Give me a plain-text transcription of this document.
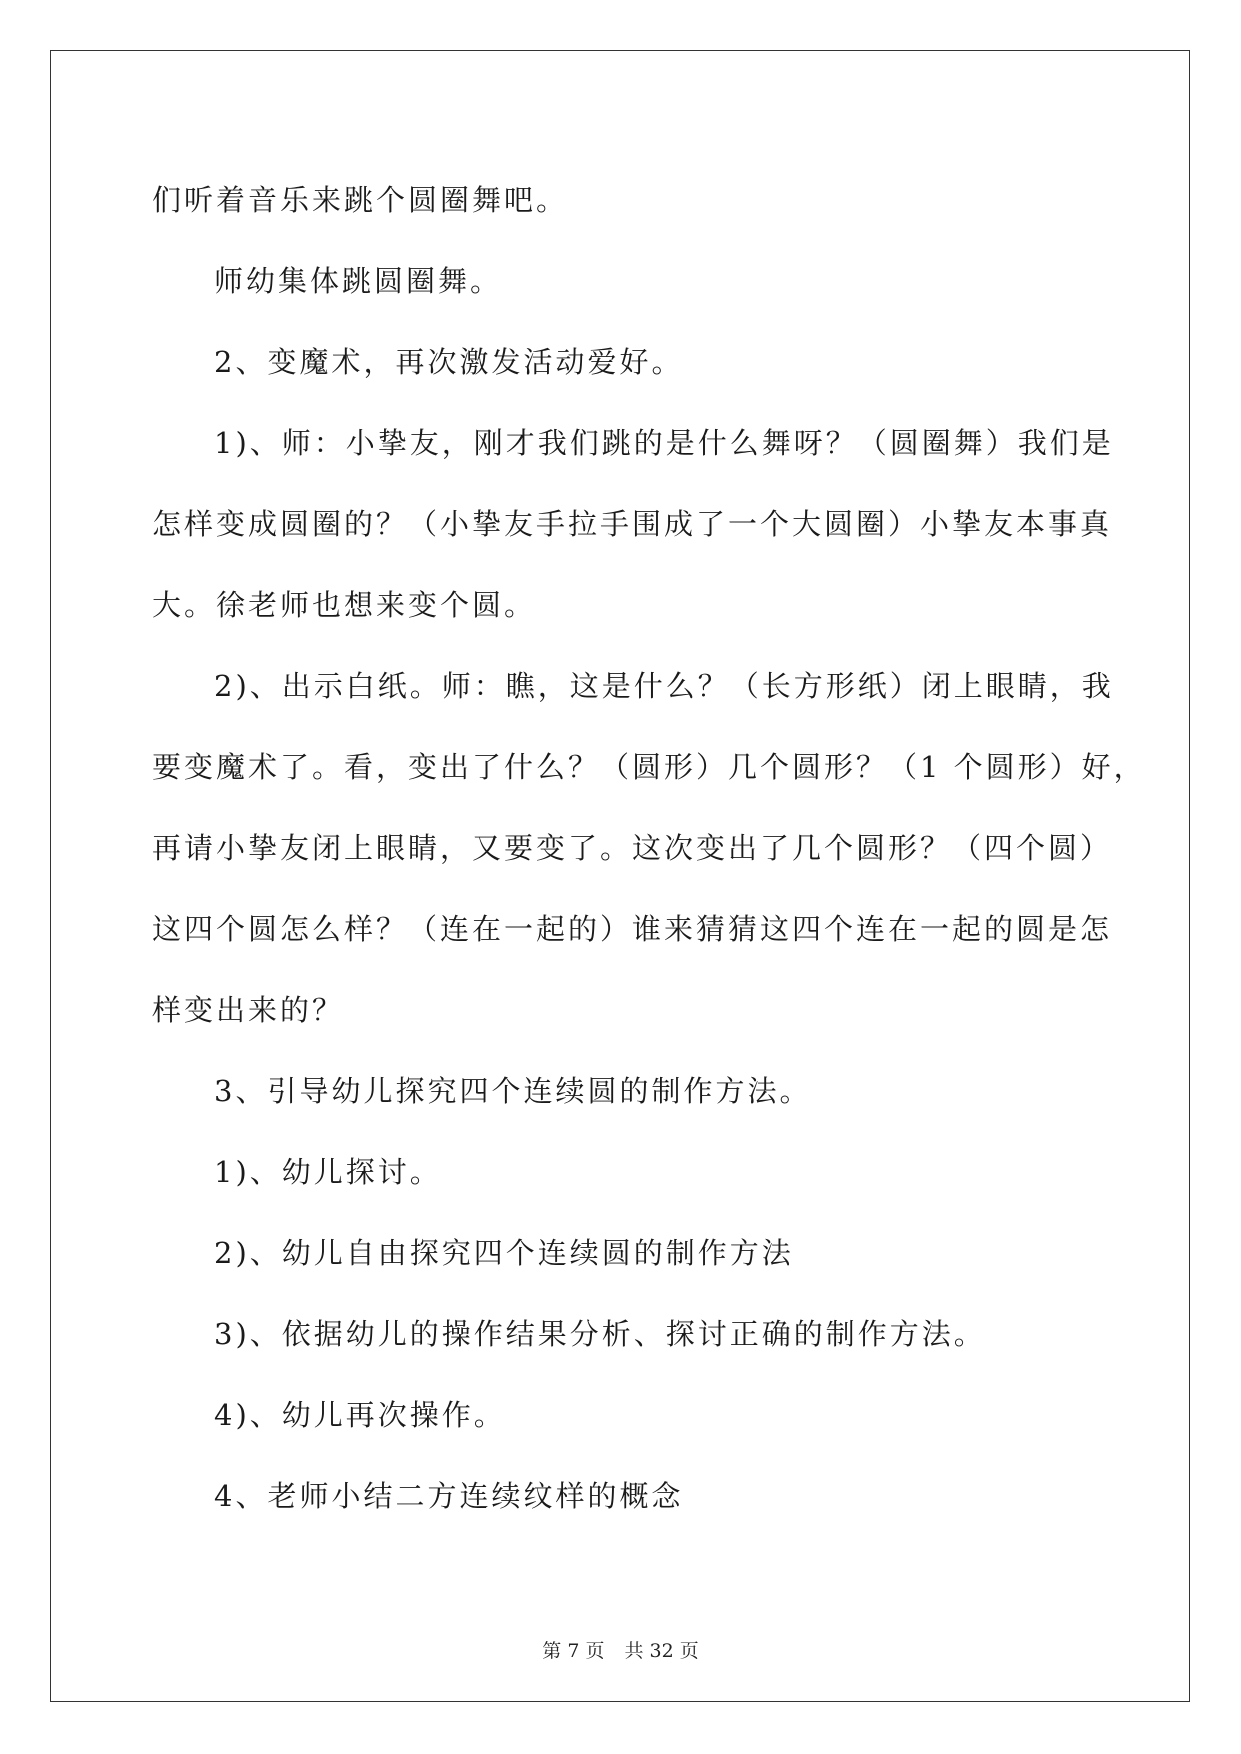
们听着音乐来跳个圆圈舞吧。

师幼集体跳圆圈舞。

2、变魔术，再次激发活动爱好。

1)、师：小挚友，刚才我们跳的是什么舞呀？（圆圈舞）我们是

怎样变成圆圈的？（小挚友手拉手围成了一个大圆圈）小挚友本事真

大。徐老师也想来变个圆。

2)、出示白纸。师：瞧，这是什么？（长方形纸）闭上眼睛，我

要变魔术了。看，变出了什么？（圆形）几个圆形？（1 个圆形）好，

再请小挚友闭上眼睛，又要变了。这次变出了几个圆形？（四个圆）

这四个圆怎么样？（连在一起的）谁来猜猜这四个连在一起的圆是怎

样变出来的？

3、引导幼儿探究四个连续圆的制作方法。

1)、幼儿探讨。

2)、幼儿自由探究四个连续圆的制作方法

3)、依据幼儿的操作结果分析、探讨正确的制作方法。

4)、幼儿再次操作。

4、老师小结二方连续纹样的概念

第 7 页 共 32 页
